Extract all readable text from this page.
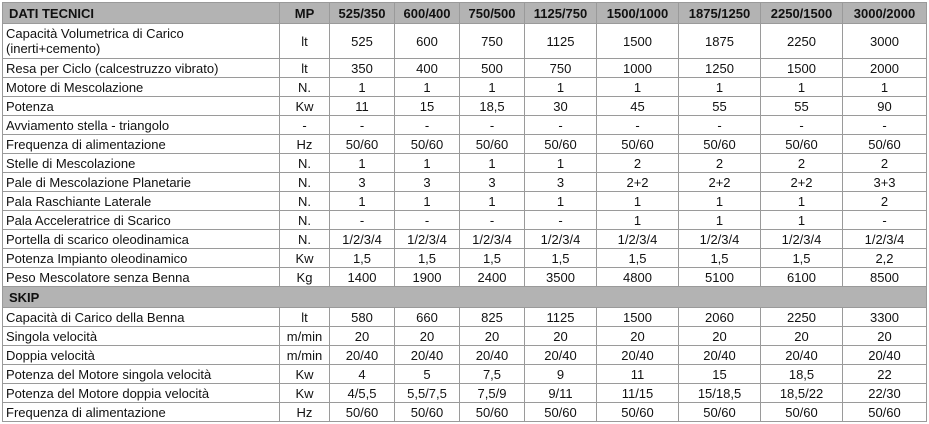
DATI TECNICI	MP	525/350	600/400	750/500	1125/750	1500/1000	1875/1250	2250/1500	3000/2000
Capacità Volumetrica di Carico (inerti+cemento)	lt	525	600	750	1125	1500	1875	2250	3000
Resa per Ciclo (calcestruzzo vibrato)	lt	350	400	500	750	1000	1250	1500	2000
Motore di Mescolazione	N.	1	1	1	1	1	1	1	1
Potenza	Kw	11	15	18,5	30	45	55	55	90
Avviamento stella - triangolo	-	-	-	-	-	-	-	-	-
Frequenza di alimentazione	Hz	50/60	50/60	50/60	50/60	50/60	50/60	50/60	50/60
Stelle di Mescolazione	N.	1	1	1	1	2	2	2	2
Pale di Mescolazione Planetarie	N.	3	3	3	3	2+2	2+2	2+2	3+3
Pala Raschiante Laterale	N.	1	1	1	1	1	1	1	2
Pala Acceleratrice di Scarico	N.	-	-	-	-	1	1	1	-
Portella di scarico oleodinamica	N.	1/2/3/4	1/2/3/4	1/2/3/4	1/2/3/4	1/2/3/4	1/2/3/4	1/2/3/4	1/2/3/4
Potenza Impianto oleodinamico	Kw	1,5	1,5	1,5	1,5	1,5	1,5	1,5	2,2
Peso Mescolatore senza Benna	Kg	1400	1900	2400	3500	4800	5100	6100	8500
SKIP									
Capacità di Carico della Benna	lt	580	660	825	1125	1500	2060	2250	3300
Singola velocità	m/min	20	20	20	20	20	20	20	20
Doppia velocità	m/min	20/40	20/40	20/40	20/40	20/40	20/40	20/40	20/40
Potenza del Motore singola velocità	Kw	4	5	7,5	9	11	15	18,5	22
Potenza del Motore doppia velocità	Kw	4/5,5	5,5/7,5	7,5/9	9/11	11/15	15/18,5	18,5/22	22/30
Frequenza di alimentazione	Hz	50/60	50/60	50/60	50/60	50/60	50/60	50/60	50/60
